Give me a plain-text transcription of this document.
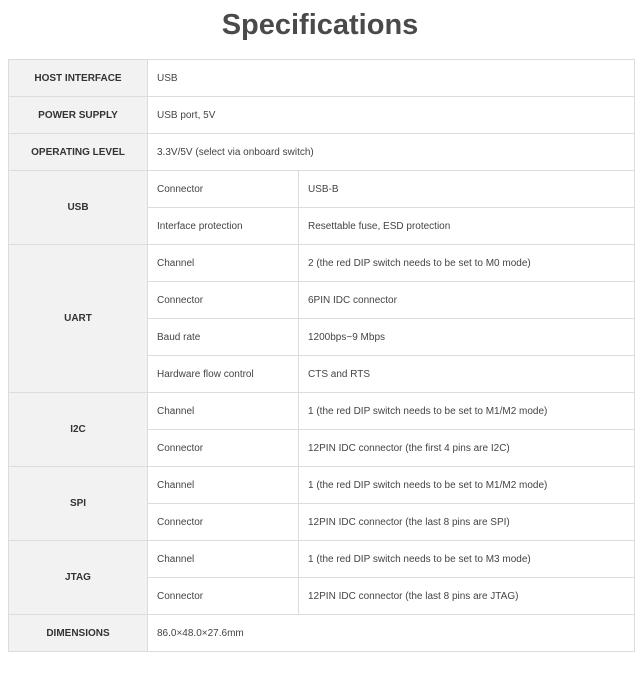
Specifications
HOST INTERFACE	USB	
POWER SUPPLY	USB port, 5V	
OPERATING LEVEL	3.3V/5V (select via onboard switch)	
USB	Connector	USB-B
	Interface protection	Resettable fuse, ESD protection
UART	Channel	2 (the red DIP switch needs to be set to M0 mode)
	Connector	6PIN IDC connector
	Baud rate	1200bps~9 Mbps
	Hardware flow control	CTS and RTS
I2C	Channel	1 (the red DIP switch needs to be set to M1/M2 mode)
	Connector	12PIN IDC connector (the first 4 pins are I2C)
SPI	Channel	1 (the red DIP switch needs to be set to M1/M2 mode)
	Connector	12PIN IDC connector (the last 8 pins are SPI)
JTAG	Channel	1 (the red DIP switch needs to be set to M3 mode)
	Connector	12PIN IDC connector (the last 8 pins are JTAG)
DIMENSIONS	86.0×48.0×27.6mm	
